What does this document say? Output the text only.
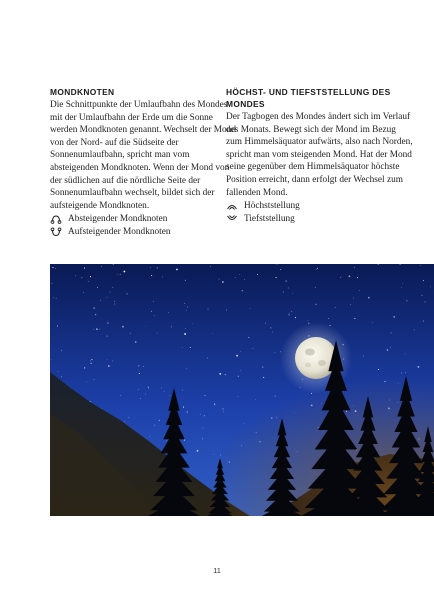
MONDKNOTEN

Die Schnittpunkte der Umlaufbahn des Mondes mit der Umlaufbahn der Erde um die Sonne werden Mondknoten genannt. Wechselt der Mond von der Nord- auf die Südseite der Sonnenumlaufbahn, spricht man vom absteigenden Mondknoten. Wenn der Mond von der südlichen auf die nördliche Seite der Sonnenumlaufbahn wechselt, bildet sich der aufsteigende Mondknoten.

Absteigender Mondknoten
Aufsteigender Mondknoten
HÖCHST- UND TIEFSTSTELLUNG DES MONDES

Der Tagbogen des Mondes ändert sich im Verlauf des Monats. Bewegt sich der Mond im Bezug zum Himmelsäquator aufwärts, also nach Norden, spricht man vom steigenden Mond. Hat der Mond seine gegenüber dem Himmelsäquator höchste Position erreicht, dann erfolgt der Wechsel zum fallenden Mond.

Höchststellung
Tiefststellung
11
